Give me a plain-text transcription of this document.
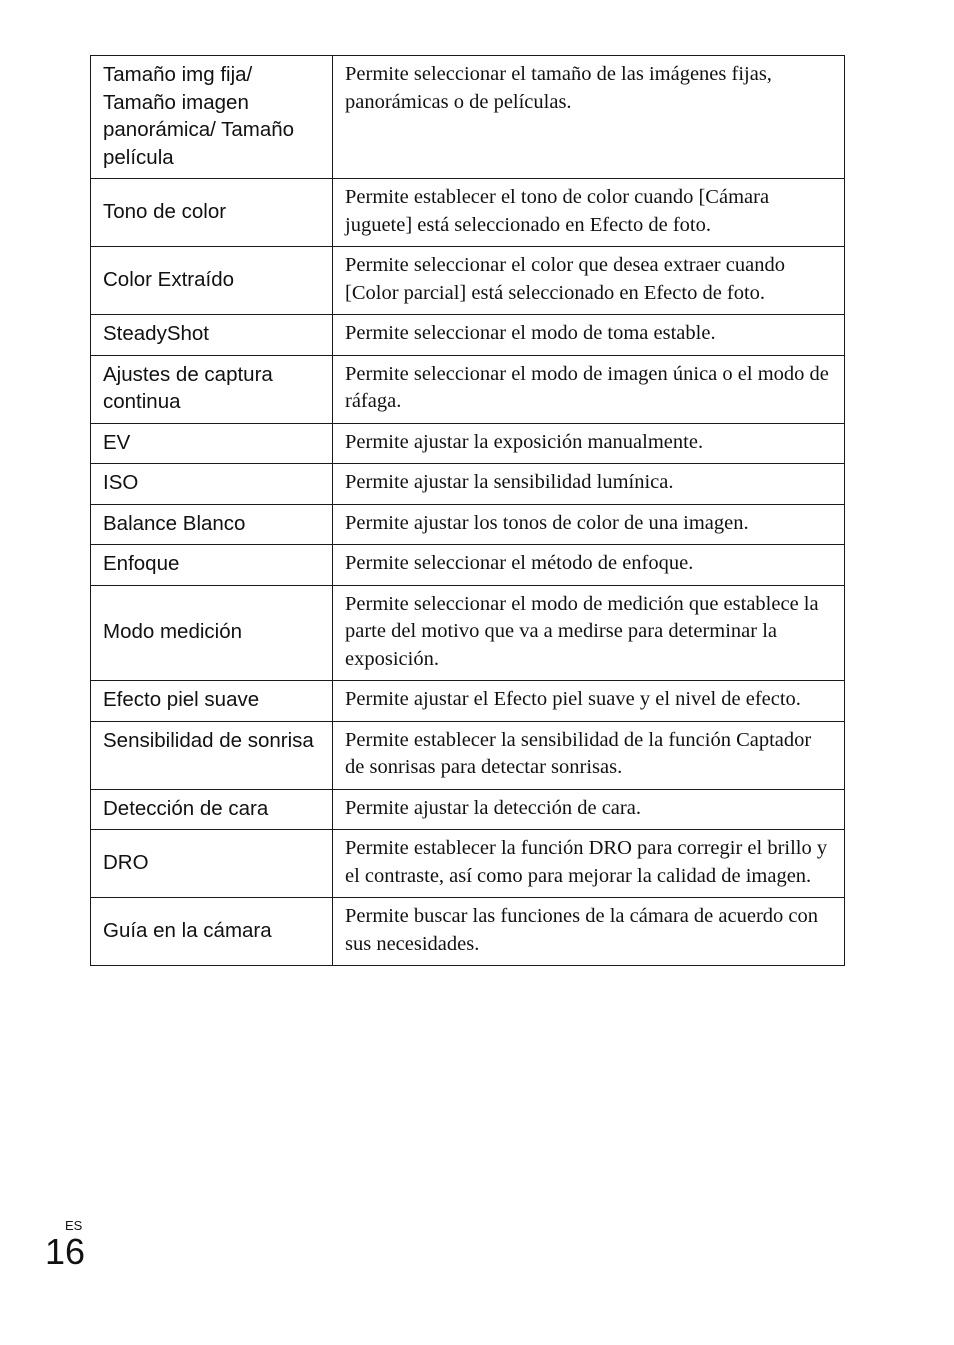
Tamaño img fija/ Tamaño imagen panorámica/ Tamaño película	Permite seleccionar el tamaño de las imágenes fijas, panorámicas o de películas.
Tono de color	Permite establecer el tono de color cuando [Cámara juguete] está seleccionado en Efecto de foto.
Color Extraído	Permite seleccionar el color que desea extraer cuando [Color parcial] está seleccionado en Efecto de foto.
SteadyShot	Permite seleccionar el modo de toma estable.
Ajustes de captura continua	Permite seleccionar el modo de imagen única o el modo de ráfaga.
EV	Permite ajustar la exposición manualmente.
ISO	Permite ajustar la sensibilidad lumínica.
Balance Blanco	Permite ajustar los tonos de color de una imagen.
Enfoque	Permite seleccionar el método de enfoque.
Modo medición	Permite seleccionar el modo de medición que establece la parte del motivo que va a medirse para determinar la exposición.
Efecto piel suave	Permite ajustar el Efecto piel suave y el nivel de efecto.
Sensibilidad de sonrisa	Permite establecer la sensibilidad de la función Captador de sonrisas para detectar sonrisas.
Detección de cara	Permite ajustar la detección de cara.
DRO	Permite establecer la función DRO para corregir el brillo y el contraste, así como para mejorar la calidad de imagen.
Guía en la cámara	Permite buscar las funciones de la cámara de acuerdo con sus necesidades.
ES
16
